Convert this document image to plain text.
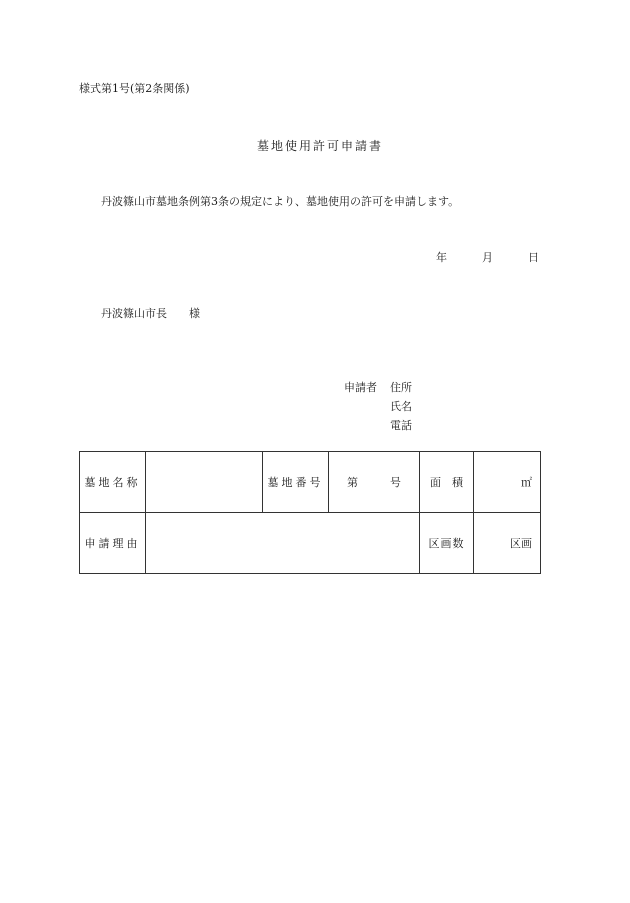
様式第1号(第2条関係)
墓地使用許可申請書
丹波篠山市墓地条例第3条の規定により、墓地使用の許可を申請します。
年	月	日
丹波篠山市長 様
申請者 住所
氏名
電話
墓地名称		墓地番号	第 号	面 積	㎡
申請理由				区画数	区画
